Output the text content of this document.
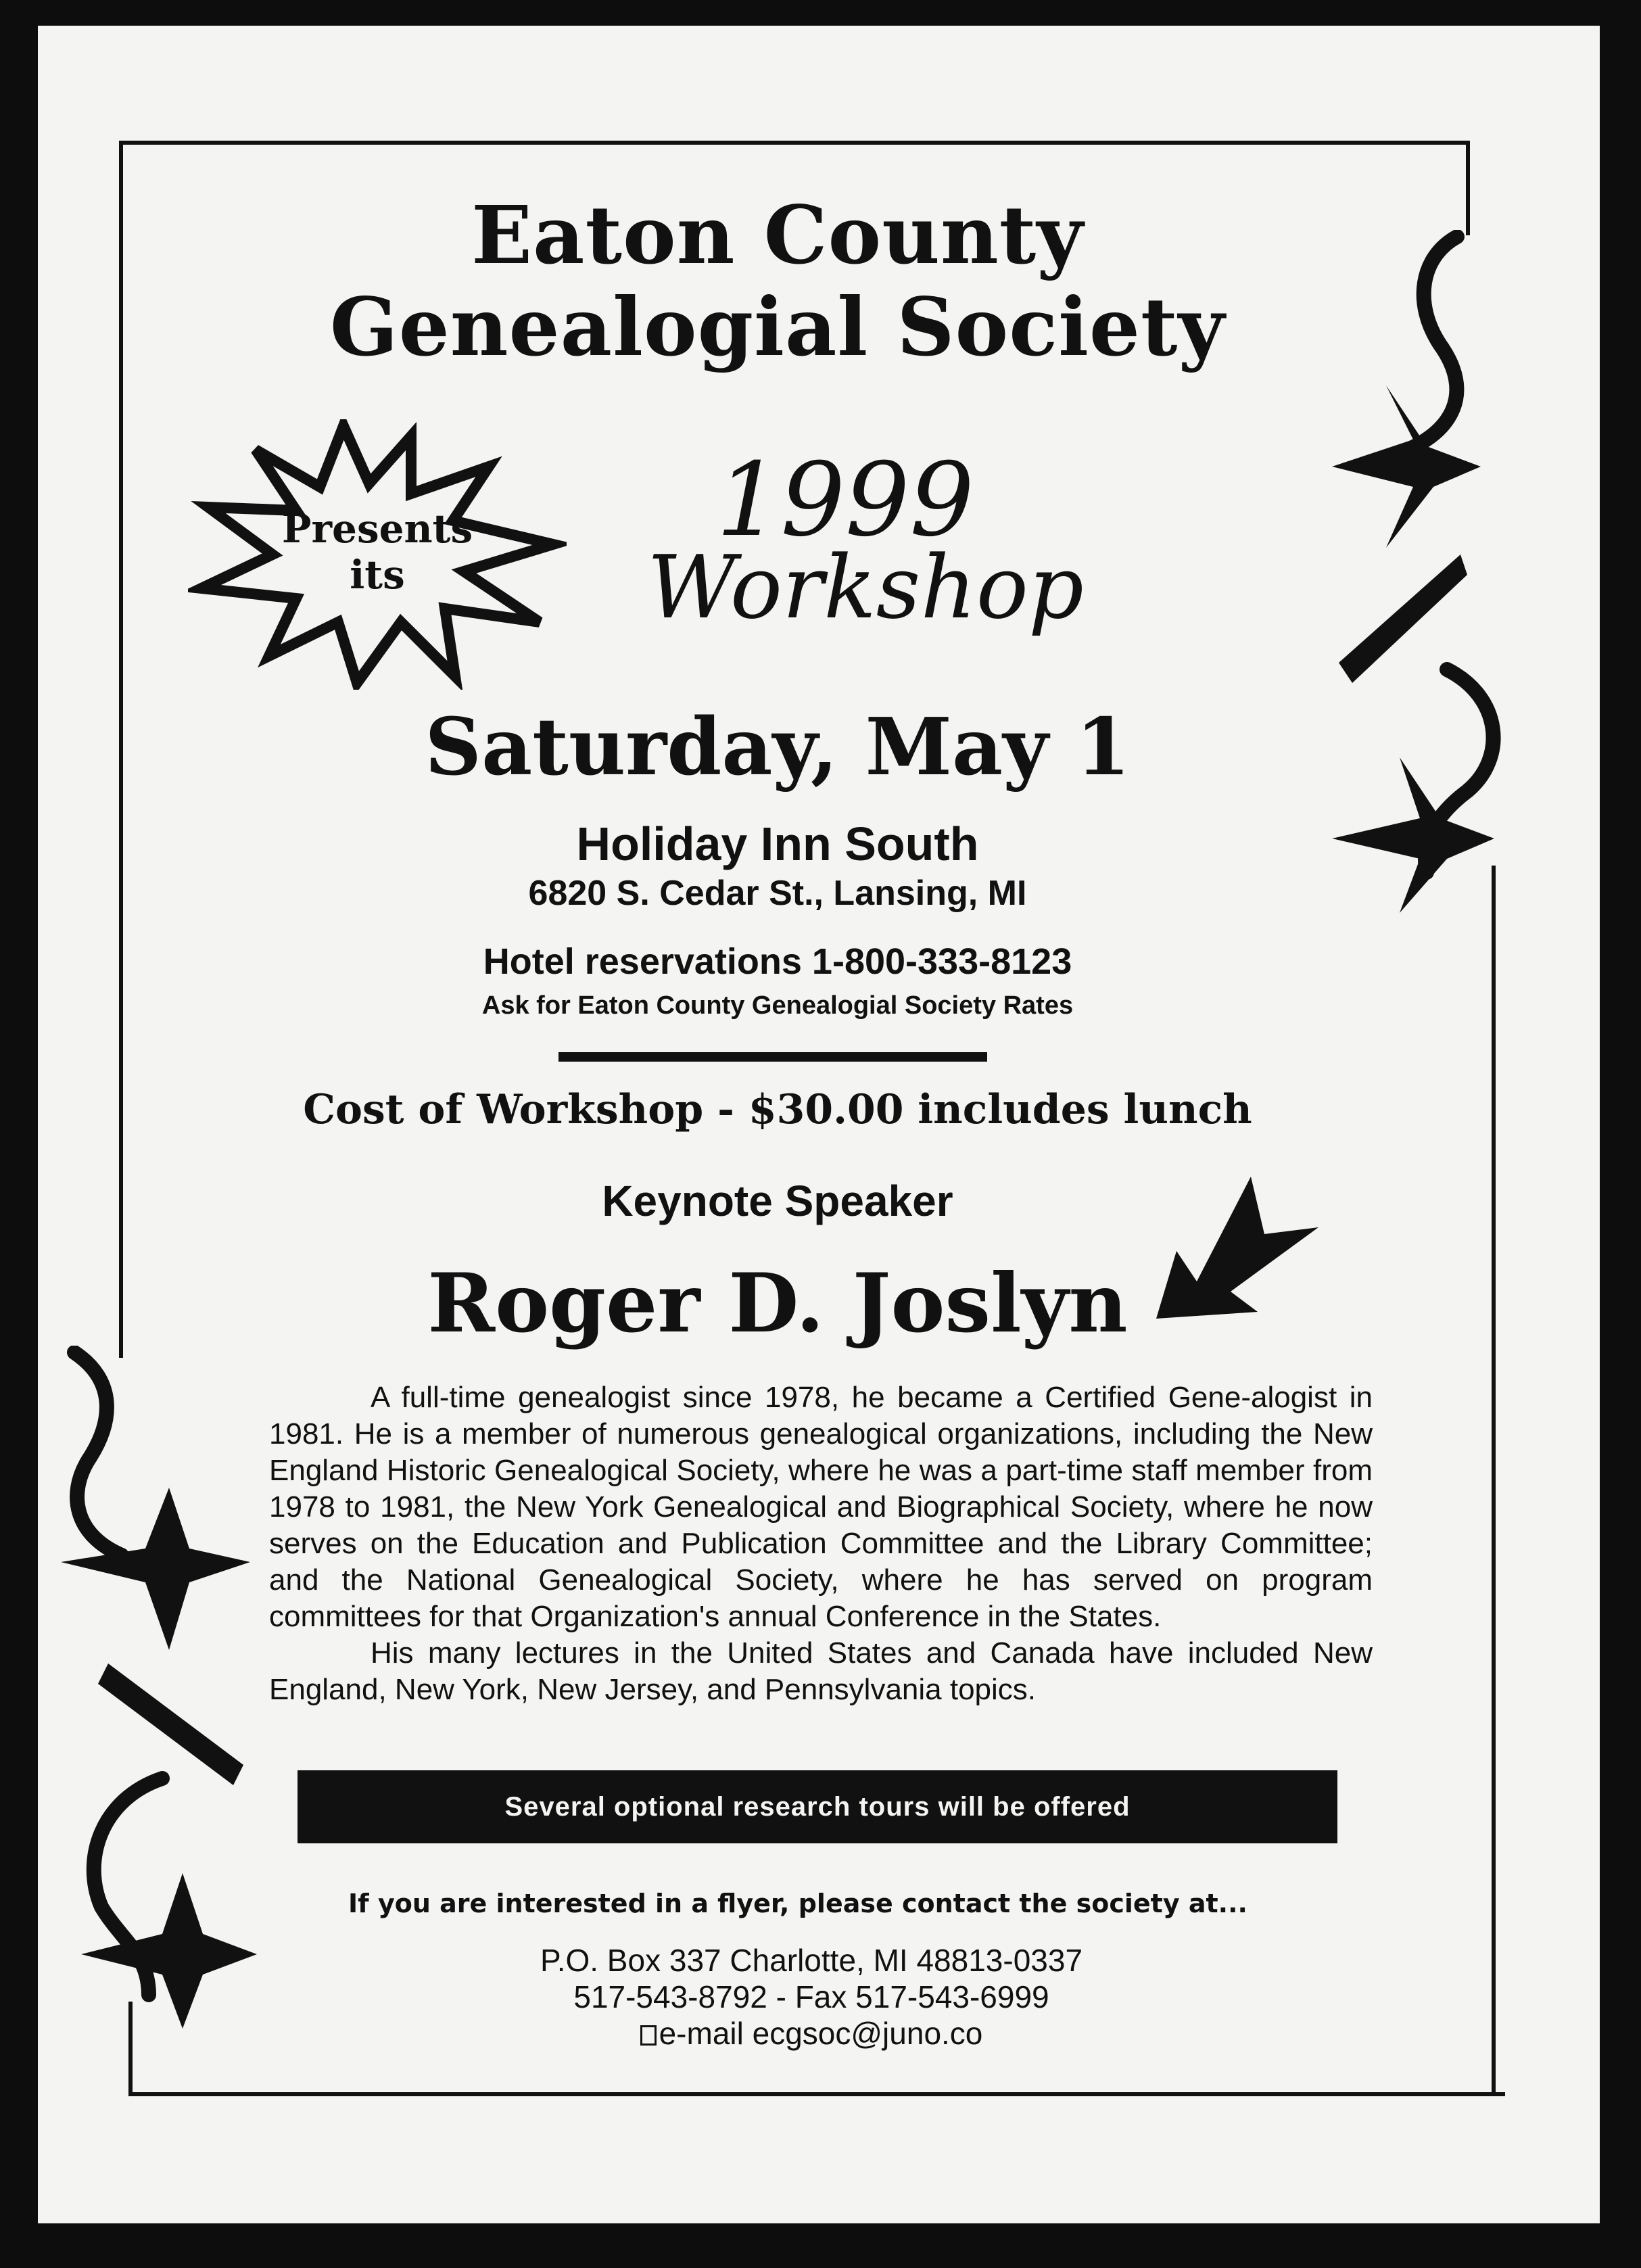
Eaton County
Genealogial Society
Presents
its
1999
Workshop
Saturday, May 1
Holiday Inn South
6820 S. Cedar St., Lansing, MI
Hotel reservations 1-800-333-8123
Ask for Eaton County Genealogial Society Rates
Cost of Workshop - $30.00 includes lunch
Keynote Speaker
Roger D. Joslyn

A full-time genealogist since 1978, he became a Certified Gene-alogist in 1981. He is a member of numerous genealogical organizations, including the New England Historic Genealogical Society, where he was a part-time staff member from 1978 to 1981, the New York Genealogical and Biographical Society, where he now serves on the Education and Publication Committee and the Library Committee; and the National Genealogical Society, where he has served on program committees for that Organization's annual Conference in the States.

His many lectures in the United States and Canada have included New England, New York, New Jersey, and Pennsylvania topics.

Several optional research tours will be offered
If you are interested in a flyer, please contact the society at...
P.O. Box 337 Charlotte, MI 48813-0337
517-543-8792 - Fax 517-543-6999
e-mail ecgsoc@juno.co
